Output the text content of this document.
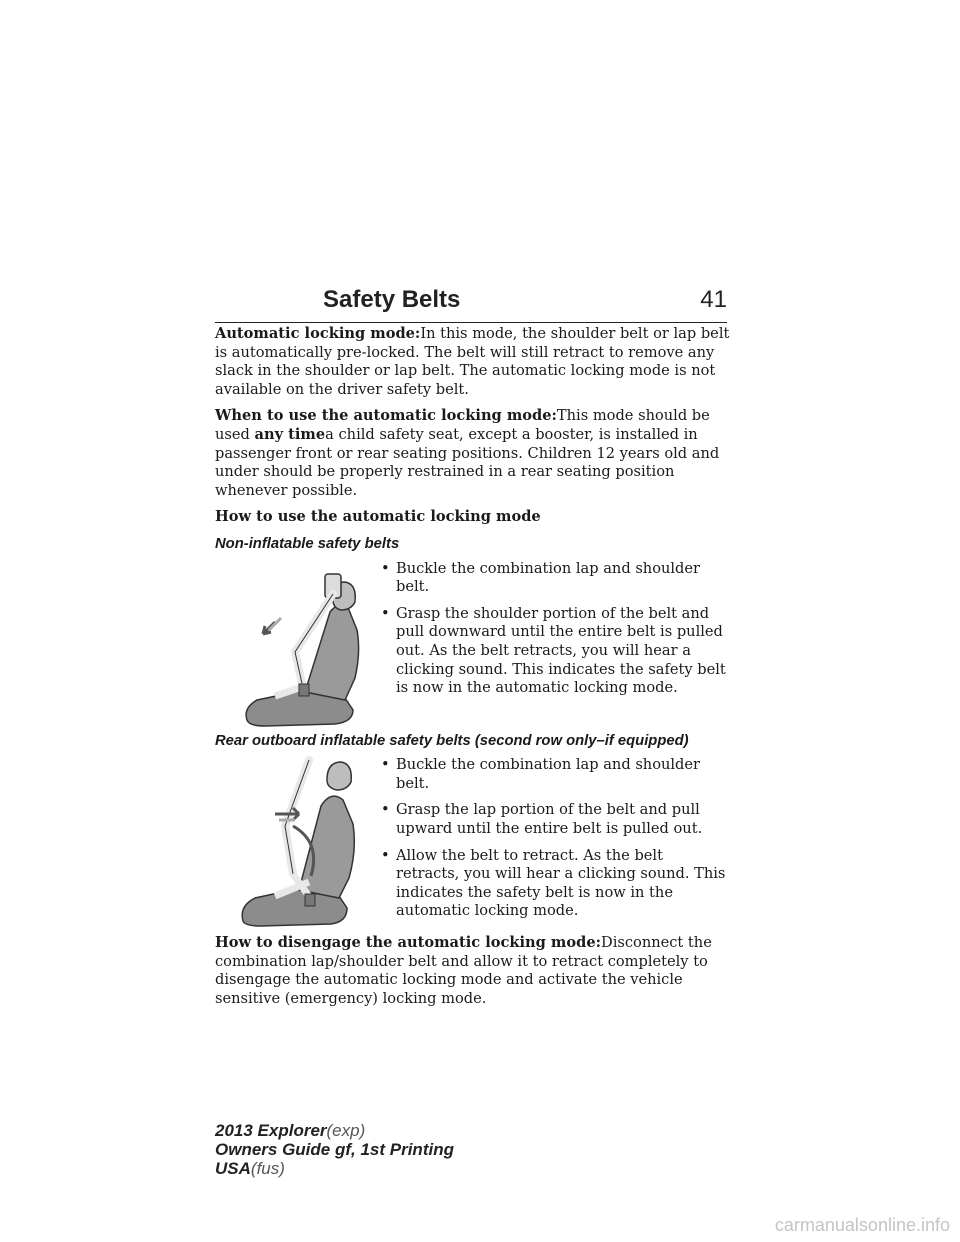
Safety Belts	41

Automatic locking mode:In this mode, the shoulder belt or lap belt is automatically pre-locked. The belt will still retract to remove any slack in the shoulder or lap belt. The automatic locking mode is not available on the driver safety belt.

When to use the automatic locking mode:This mode should be used any timea child safety seat, except a booster, is installed in passenger front or rear seating positions. Children 12 years old and under should be properly restrained in a rear seating position whenever possible.

How to use the automatic locking mode

Non-inflatable safety belts
• Buckle the combination lap and shoulder belt.
• Grasp the shoulder portion of the belt and pull downward until the entire belt is pulled out. As the belt retracts, you will hear a clicking sound. This indicates the safety belt is now in the automatic locking mode.
Rear outboard inflatable safety belts (second row only–if equipped)
• Buckle the combination lap and shoulder belt.
• Grasp the lap portion of the belt and pull upward until the entire belt is pulled out.
• Allow the belt to retract. As the belt retracts, you will hear a clicking sound. This indicates the safety belt is now in the automatic locking mode.

How to disengage the automatic locking mode:Disconnect the combination lap/shoulder belt and allow it to retract completely to disengage the automatic locking mode and activate the vehicle sensitive (emergency) locking mode.

2013 Explorer(exp)
Owners Guide gf, 1st Printing
USA(fus)
carmanualsonline.info
